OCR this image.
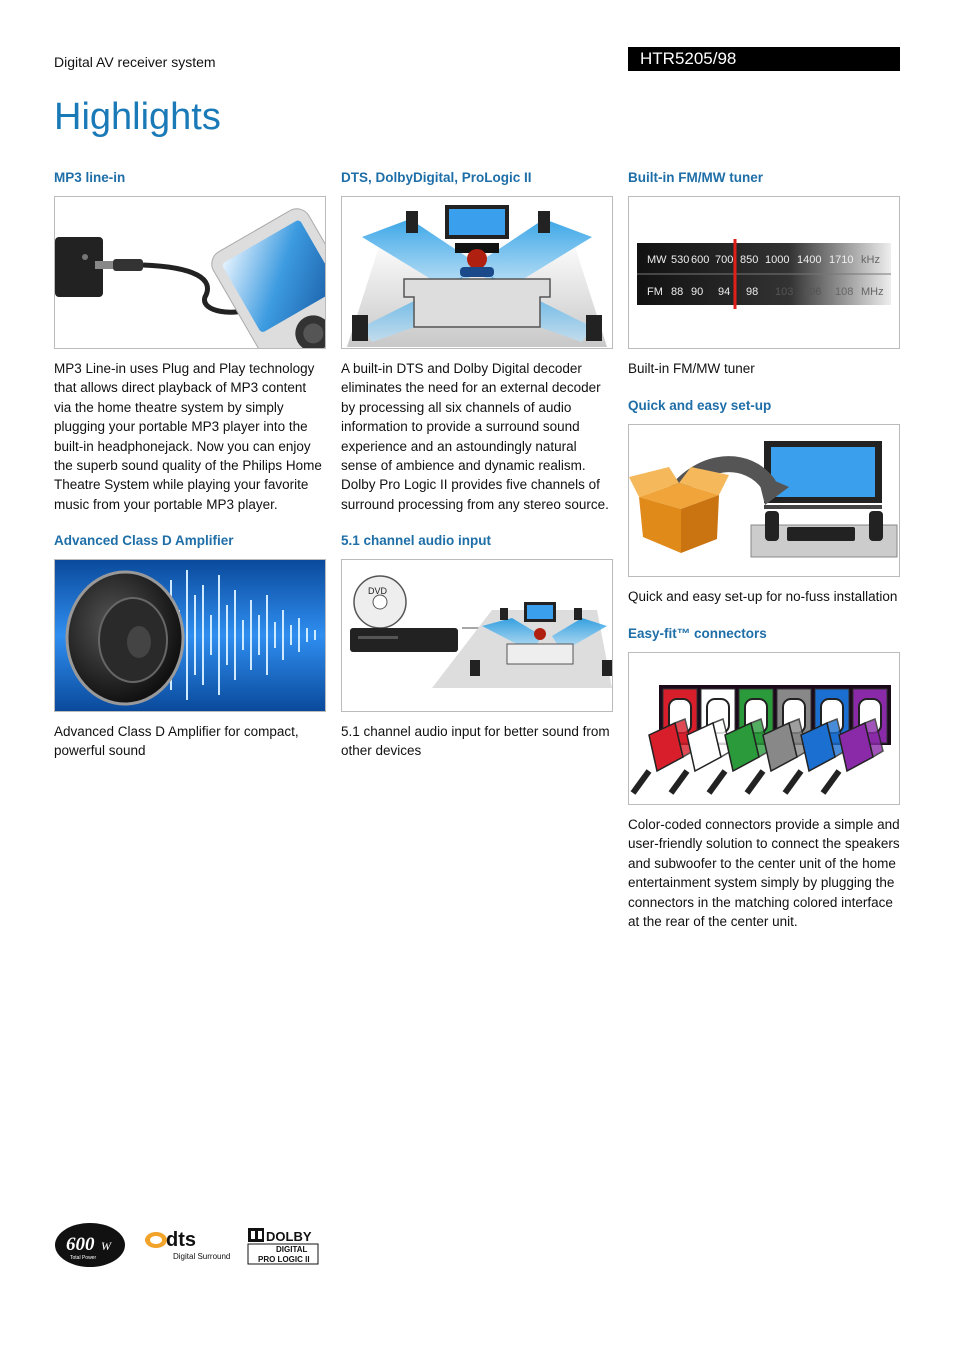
Digital AV receiver system	HTR5205/98
Highlights
MP3 line-in

MP3 Line-in uses Plug and Play technology that allows direct playback of MP3 content via the home theatre system by simply plugging your portable MP3 player into the built-in headphonejack. Now you can enjoy the superb sound quality of the Philips Home Theatre System while playing your favorite music from your portable MP3 player.

Advanced Class D Amplifier

Advanced Class D Amplifier for compact, powerful sound

DTS, DolbyDigital, ProLogic II

A built-in DTS and Dolby Digital decoder eliminates the need for an external decoder by processing all six channels of audio information to provide a surround sound experience and an astoundingly natural sense of ambience and dynamic realism. Dolby Pro Logic II provides five channels of surround processing from any stereo source.

5.1 channel audio input
DVD

5.1 channel audio input for better sound from other devices

Built-in FM/MW tuner
MW 530 600 700 850 1000 1400 1710 kHz
FM 88 90 94 98 103 106 108 MHz

Built-in FM/MW tuner

Quick and easy set-up

Quick and easy set-up for no-fuss installation

Easy-fit™ connectors

Color-coded connectors provide a simple and user-friendly solution to connect the speakers and subwoofer to the center unit of the home entertainment system simply by plugging the connectors in the matching colored interface at the rear of the center unit.

600 W
Total Power
dts
Digital Surround
DOLBY
DIGITAL
PRO LOGIC II
